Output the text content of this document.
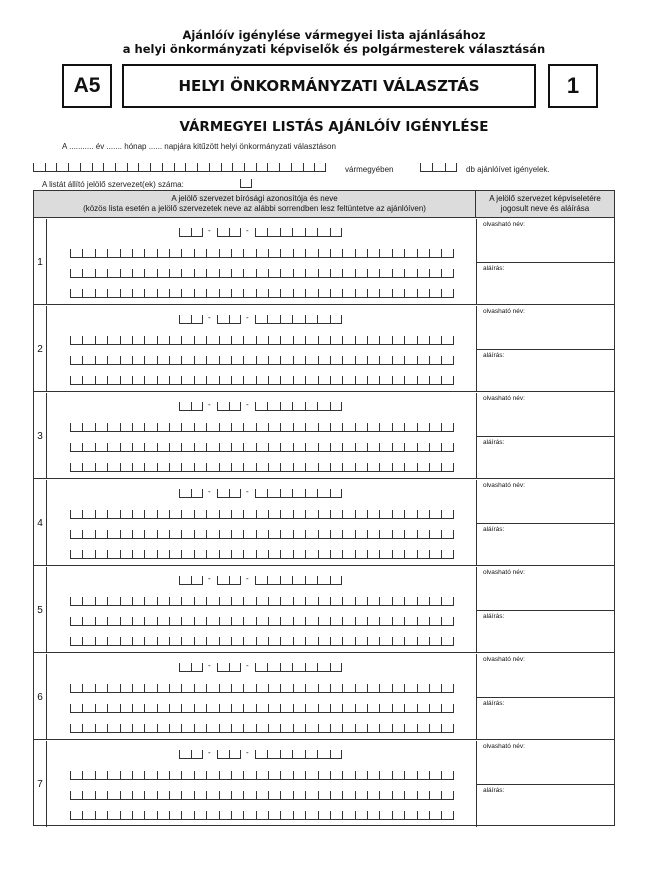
Ajánlóív igénylése vármegyei lista ajánlásához
a helyi önkormányzati képviselők és polgármesterek választásán
A5	HELYI ÖNKORMÁNYZATI VÁLASZTÁS	1
VÁRMEGYEI LISTÁS AJÁNLÓÍV IGÉNYLÉSE
A ........... év ....... hónap ...... napjára kitűzött helyi önkormányzati választáson
vármegyében	db ajánlóívet igényelek.
A listát állító jelölő szervezet(ek) száma:
A jelölő szervezet bírósági azonosítója és neve
(közös lista esetén a jelölő szervezetek neve az alábbi sorrendben lesz feltüntetve az ajánlóíven)
A jelölő szervezet képviseletére
jogosult neve és aláírása
1
-	-
olvasható név:
aláírás:
2
-	-
olvasható név:
aláírás:
3
-	-
olvasható név:
aláírás:
4
-	-
olvasható név:
aláírás:
5
-	-
olvasható név:
aláírás:
6
-	-
olvasható név:
aláírás:
7
-	-
olvasható név:
aláírás:
